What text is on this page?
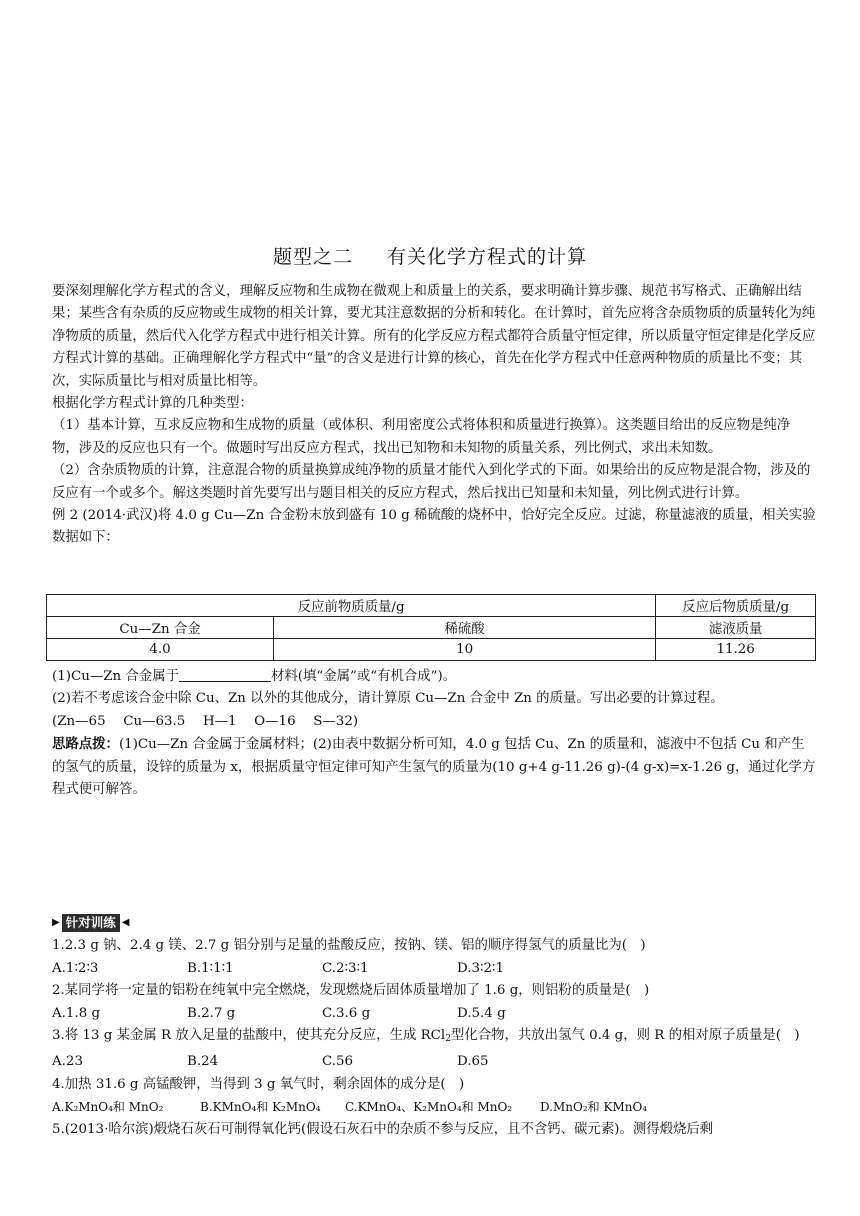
题型之二 有关化学方程式的计算

要深刻理解化学方程式的含义，理解反应物和生成物在微观上和质量上的关系，要求明确计算步骤、规范书写格式、正确解出结果；某些含有杂质的反应物或生成物的相关计算，要尤其注意数据的分析和转化。在计算时，首先应将含杂质物质的质量转化为纯净物质的质量，然后代入化学方程式中进行相关计算。所有的化学反应方程式都符合质量守恒定律，所以质量守恒定律是化学反应方程式计算的基础。正确理解化学方程式中“量”的含义是进行计算的核心，首先在化学方程式中任意两种物质的质量比不变；其次，实际质量比与相对质量比相等。

根据化学方程式计算的几种类型：

（1）基本计算，互求反应物和生成物的质量（或体积、利用密度公式将体积和质量进行换算）。这类题目给出的反应物是纯净物，涉及的反应也只有一个。做题时写出反应方程式，找出已知物和未知物的质量关系，列比例式，求出未知数。

（2）含杂质物质的计算，注意混合物的质量换算成纯净物的质量才能代入到化学式的下面。如果给出的反应物是混合物，涉及的反应有一个或多个。解这类题时首先要写出与题目相关的反应方程式，然后找出已知量和未知量，列比例式进行计算。

例 2 (2014·武汉)将 4.0 g Cu—Zn 合金粉末放到盛有 10 g 稀硫酸的烧杯中，恰好完全反应。过滤，称量滤液的质量，相关实验数据如下：

反应前物质质量/g		反应后物质质量/g
Cu—Zn 合金	稀硫酸	滤液质量
4.0	10	11.26

(1)Cu—Zn 合金属于	材料(填“金属”或“有机合成”)。

(2)若不考虑该合金中除 Cu、Zn 以外的其他成分，请计算原 Cu—Zn 合金中 Zn 的质量。写出必要的计算过程。

(Zn—65　 Cu—63.5　 H—1　 O—16　 S—32)

思路点拨：(1)Cu—Zn 合金属于金属材料；(2)由表中数据分析可知，4.0 g 包括 Cu、Zn 的质量和，滤液中不包括 Cu 和产生的氢气的质量，设锌的质量为 x，根据质量守恒定律可知产生氢气的质量为(10 g+4 g-11.26 g)-(4 g-x)=x-1.26 g，通过化学方程式便可解答。

▶ 针对训练 ◀

1.2.3 g 钠、2.4 g 镁、2.7 g 铝分别与足量的盐酸反应，按钠、镁、铝的顺序得氢气的质量比为(　)

A.1∶2∶3	B.1∶1∶1	C.2∶3∶1	D.3∶2∶1

2.某同学将一定量的铝粉在纯氧中完全燃烧，发现燃烧后固体质量增加了 1.6 g，则铝粉的质量是(　)

A.1.8 g	B.2.7 g	C.3.6 g	D.5.4 g

3.将 13 g 某金属 R 放入足量的盐酸中，使其充分反应，生成 RCl$_2$型化合物，共放出氢气 0.4 g，则 R 的相对原子质量是(　)

A.23	B.24	C.56	D.65

4.加热 31.6 g 高锰酸钾，当得到 3 g 氧气时，剩余固体的成分是(　)

A.K₂MnO₄和 MnO₂	B.KMnO₄和 K₂MnO₄	C.KMnO₄、K₂MnO₄和 MnO₂	D.MnO₂和 KMnO₄

5.(2013·哈尔滨)煅烧石灰石可制得氧化钙(假设石灰石中的杂质不参与反应，且不含钙、碳元素)。测得煅烧后剩
